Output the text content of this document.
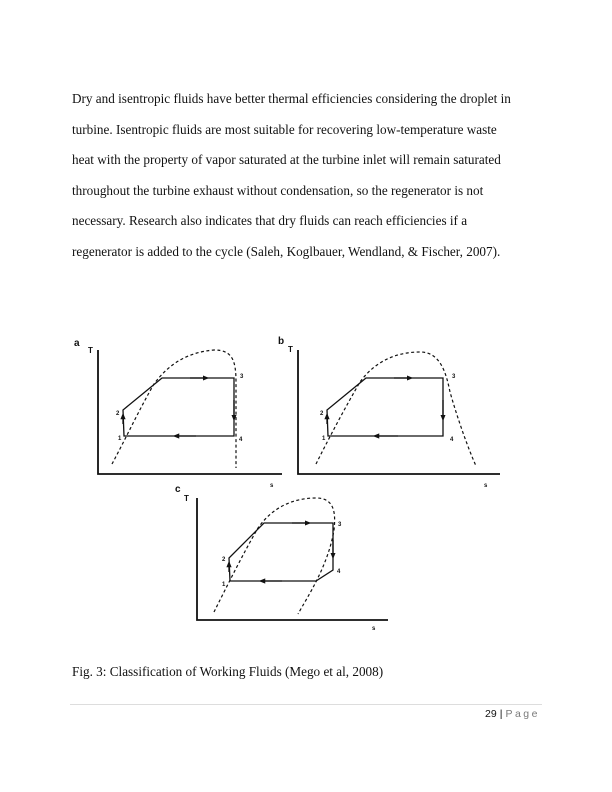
Dry and isentropic fluids have better thermal efficiencies considering the droplet in
turbine. Isentropic fluids are most suitable for recovering low-temperature waste
heat with the property of vapor saturated at the turbine inlet will remain saturated
throughout the turbine exhaust without condensation, so the regenerator is not
necessary. Research also indicates that dry fluids can reach efficiencies if a
regenerator is added to the cycle (Saleh, Koglbauer, Wendland, & Fischer, 2007).

a
T
s
1
2
3
4
b
T
s
1
2
3
4
c
T
s
1
2
3
4

Fig. 3: Classification of Working Fluids (Mego et al, 2008)

29 | Page
